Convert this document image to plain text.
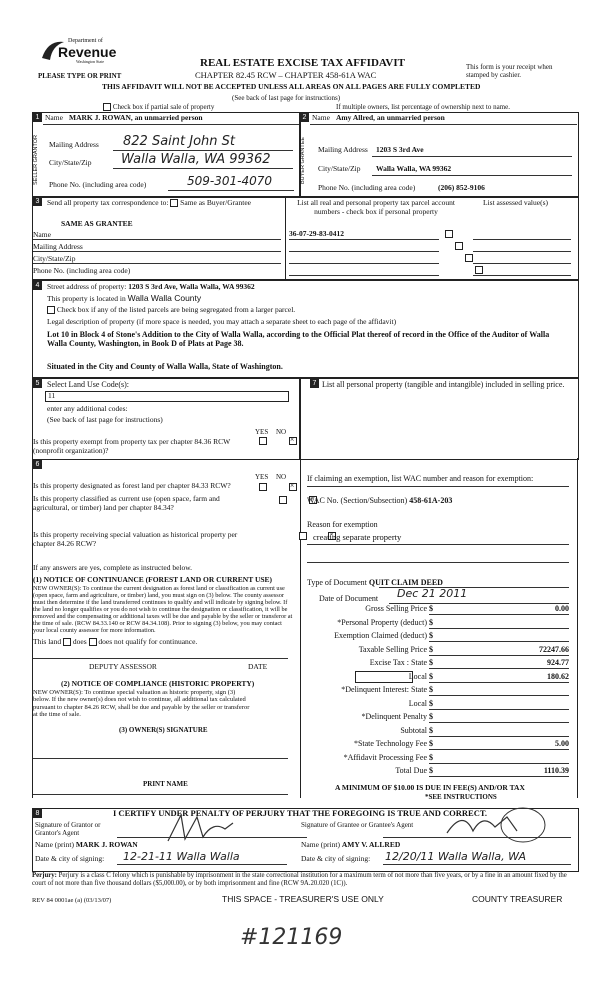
Department of
Revenue
Washington State
PLEASE TYPE OR PRINT
REAL ESTATE EXCISE TAX AFFIDAVIT
CHAPTER 82.45 RCW – CHAPTER 458-61A WAC
This form is your receipt when stamped by cashier.
THIS AFFIDAVIT WILL NOT BE ACCEPTED UNLESS ALL AREAS ON ALL PAGES ARE FULLY COMPLETED
(See back of last page for instructions)
Check box if partial sale of property	If multiple owners, list percentage of ownership next to name.
1
SELLER GRANTOR
Name MARK J. ROWAN, an unmarried person
Mailing Address 822 Saint John St
City/State/Zip Walla Walla, WA 99362
Phone No. (including area code)	509-301-4070
2
BUYER GRANTEE
Name Amy Allred, an unmarried person
Mailing Address 1203 S 3rd Ave
City/State/Zip Walla Walla, WA 99362
Phone No. (including area code)	(206) 852-9106
3	Send all property tax correspondence to: Same as Buyer/Grantee
SAME AS GRANTEE
Name
Mailing Address
City/State/Zip
Phone No. (including area code)
List all real and personal property tax parcel account numbers - check box if personal property
List assessed value(s)
36-07-29-83-0412

4	Street address of property: 1203 S 3rd Ave, Walla Walla, WA 99362
This property is located in Walla Walla County
Check box if any of the listed parcels are being segregated from a larger parcel.
Legal description of property (if more space is needed, you may attach a separate sheet to each page of the affidavit)
Lot 10 in Block 4 of Stone's Addition to the City of Walla Walla, according to the Official Plat thereof of record in the Office of the Auditor of Walla Walla County, Washington, in Book D of Plats at Page 38.
Situated in the City and County of Walla Walla, State of Washington.
5 Select Land Use Code(s):
11
enter any additional codes:
(See back of last page for instructions)
YES NO
Is this property exempt from property tax per chapter 84.36 RCW (nonprofit organization)?
×
7 List all personal property (tangible and intangible) included in selling price.
6
YES NO
Is this property designated as forest land per chapter 84.33 RCW?
×
Is this property classified as current use (open space, farm and agricultural, or timber) land per chapter 84.34?
×
Is this property receiving special valuation as historical property per chapter 84.26 RCW?
×
If any answers are yes, complete as instructed below.
(1) NOTICE OF CONTINUANCE (FOREST LAND OR CURRENT USE)
NEW OWNER(S): To continue the current designation as forest land or classification as current use (open space, farm and agriculture, or timber) land, you must sign on (3) below. The county assessor must then determine if the land transferred continues to qualify and will indicate by signing below. If the land no longer qualifies or you do not wish to continue the designation or classification, it will be removed and the compensating or additional taxes will be due and payable by the seller or transferor at the time of sale. (RCW 84.33.140 or RCW 84.34.108). Prior to signing (3) below, you may contact your local county assessor for more information.
This land does does not qualify for continuance.
DEPUTY ASSESSOR	DATE
(2) NOTICE OF COMPLIANCE (HISTORIC PROPERTY)
NEW OWNER(S): To continue special valuation as historic property, sign (3) below. If the new owner(s) does not wish to continue, all additional tax calculated pursuant to chapter 84.26 RCW, shall be due and payable by the seller or transferor at the time of sale.
(3) OWNER(S) SIGNATURE
PRINT NAME
If claiming an exemption, list WAC number and reason for exemption:
WAC No. (Section/Subsection) 458-61A-203
Reason for exemption
creating separate property
Type of Document QUIT CLAIM DEED
Date of Document Dec 21 2011
Gross Selling Price $	0.00
*Personal Property (deduct) $
Exemption Claimed (deduct) $
Taxable Selling Price $	72247.66
Excise Tax : State $	924.77
Local $	180.62
*Delinquent Interest: State $
Local $
*Delinquent Penalty $
Subtotal $
*State Technology Fee $	5.00
*Affidavit Processing Fee $
Total Due $	1110.39
A MINIMUM OF $10.00 IS DUE IN FEE(S) AND/OR TAX
*SEE INSTRUCTIONS
8	I CERTIFY UNDER PENALTY OF PERJURY THAT THE FOREGOING IS TRUE AND CORRECT.
Signature of Grantor or Grantor's Agent
Name (print) MARK J. ROWAN
Date & city of signing: 12-21-11 Walla Walla
Signature of Grantee or Grantee's Agent
Name (print) AMY V. ALLRED
Date & city of signing: 12/20/11 Walla Walla, WA
Perjury: Perjury is a class C felony which is punishable by imprisonment in the state correctional institution for a maximum term of not more than five years, or by a fine in an amount fixed by the court of not more than five thousand dollars ($5,000.00), or by both imprisonment and fine (RCW 9A.20.020 (1C)).
REV 84 0001ae (a) (03/13/07)	THIS SPACE - TREASURER'S USE ONLY	COUNTY TREASURER
#121169
